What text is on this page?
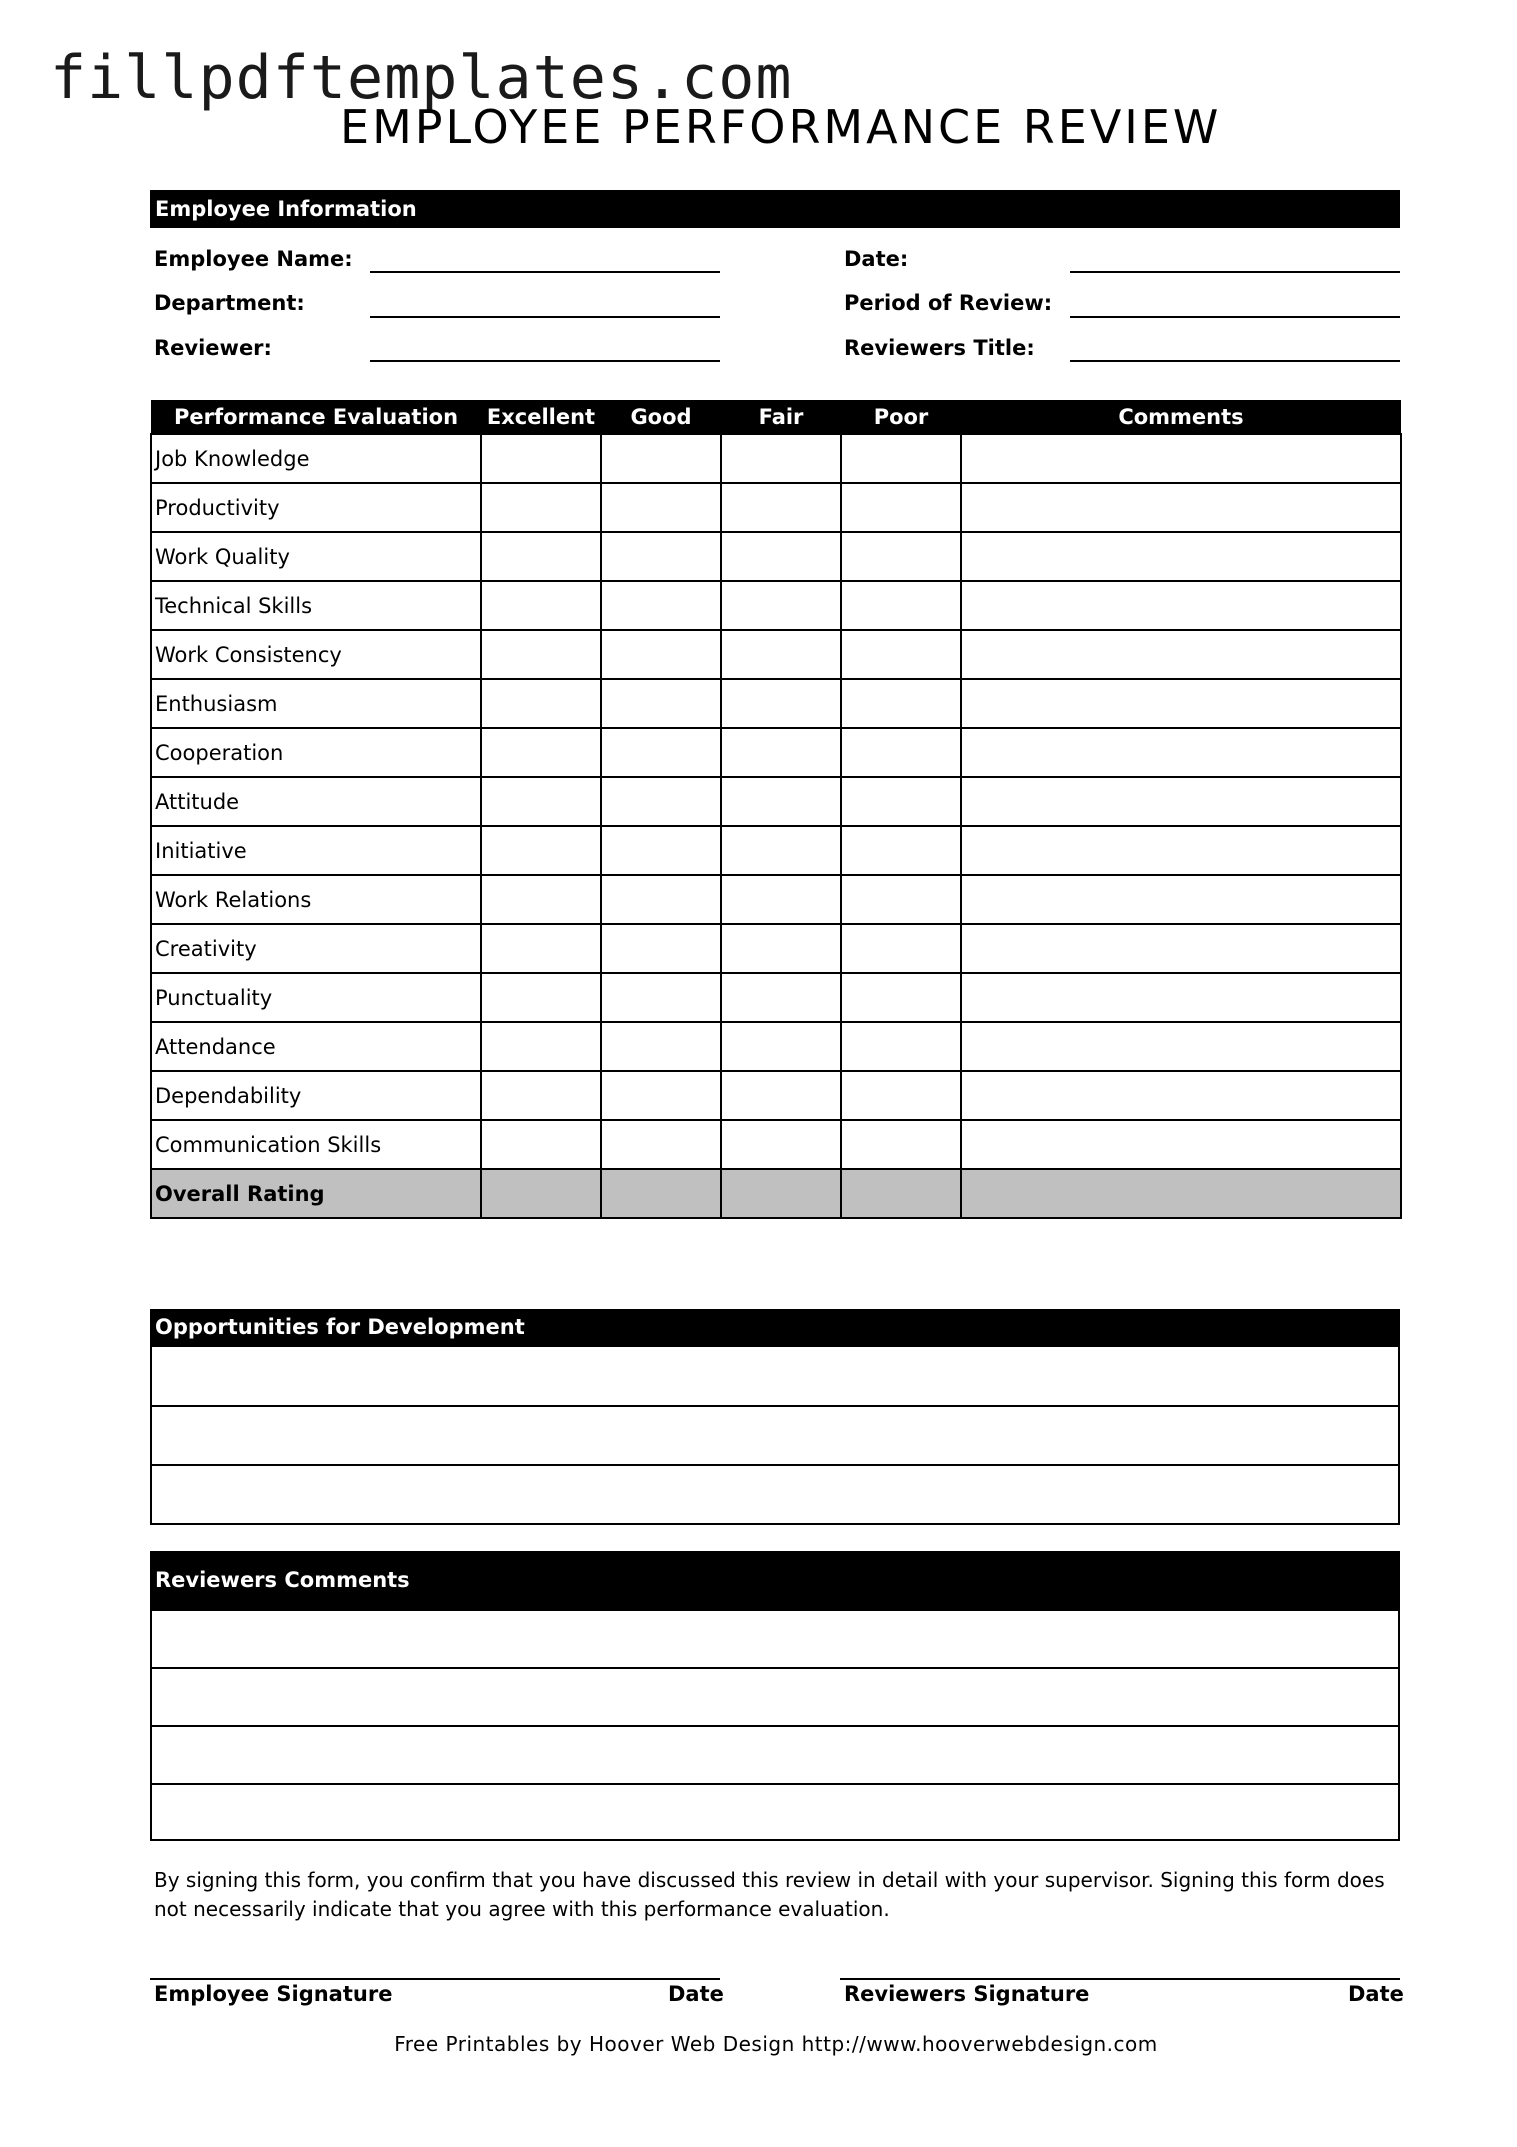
fillpdftemplates.com
EMPLOYEE PERFORMANCE REVIEW
Employee Information
Employee Name:
Department:
Reviewer:
Date:
Period of Review:
Reviewers Title:
Performance Evaluation	Excellent	Good	Fair	Poor	Comments
Job Knowledge					
Productivity					
Work Quality					
Technical Skills					
Work Consistency					
Enthusiasm					
Cooperation					
Attitude					
Initiative					
Work Relations					
Creativity					
Punctuality					
Attendance					
Dependability					
Communication Skills					
Overall Rating					
Opportunities for Development
Reviewers Comments
By signing this form, you confirm that you have discussed this review in detail with your supervisor. Signing this form does not necessarily indicate that you agree with this performance evaluation.
Employee Signature	Date	Reviewers Signature	Date
Free Printables by Hoover Web Design http://www.hooverwebdesign.com
